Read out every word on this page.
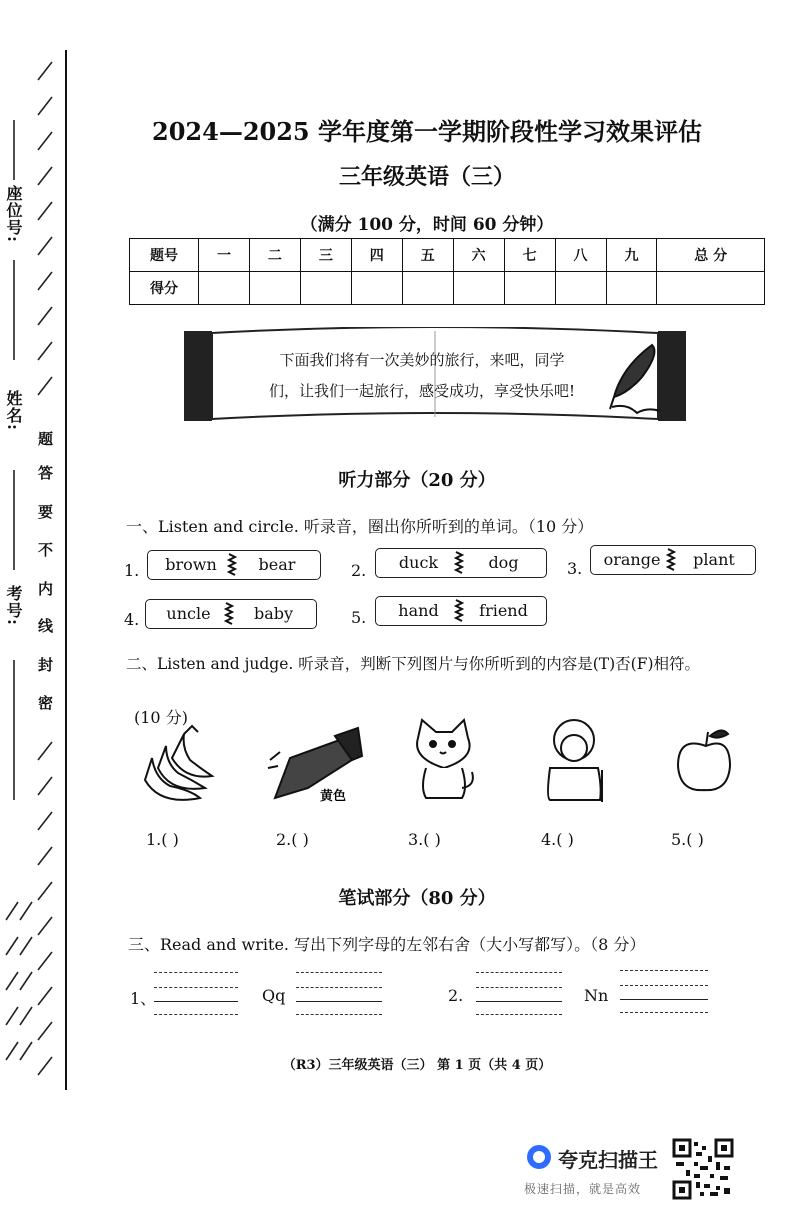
座位号:
姓名:
考号:
题
答
要
不
内
线
封
密
2024—2025 学年度第一学期阶段性学习效果评估
三年级英语（三）
（满分 100 分，时间 60 分钟）
题号	一	二	三	四	五	六	七	八	九	总 分
得分										
下面我们将有一次美妙的旅行，来吧，同学
们，让我们一起旅行，感受成功，享受快乐吧!
听力部分（20 分）
一、Listen and circle. 听录音，圈出你所听到的单词。（10 分）
1.	brown	bear	2.	duck	dog	3.	orange	plant
4.	uncle	baby	5.	hand	friend
二、Listen and judge. 听录音，判断下列图片与你所听到的内容是(T)否(F)相符。
(10 分)
黄色
1.( )	2.( )	3.( )	4.( )	5.( )
笔试部分（80 分）
三、Read and write. 写出下列字母的左邻右舍（大小写都写）。（8 分）
1、	Qq	2.	Nn
（R3）三年级英语（三） 第 1 页（共 4 页）
夸克扫描王
极速扫描，就是高效
